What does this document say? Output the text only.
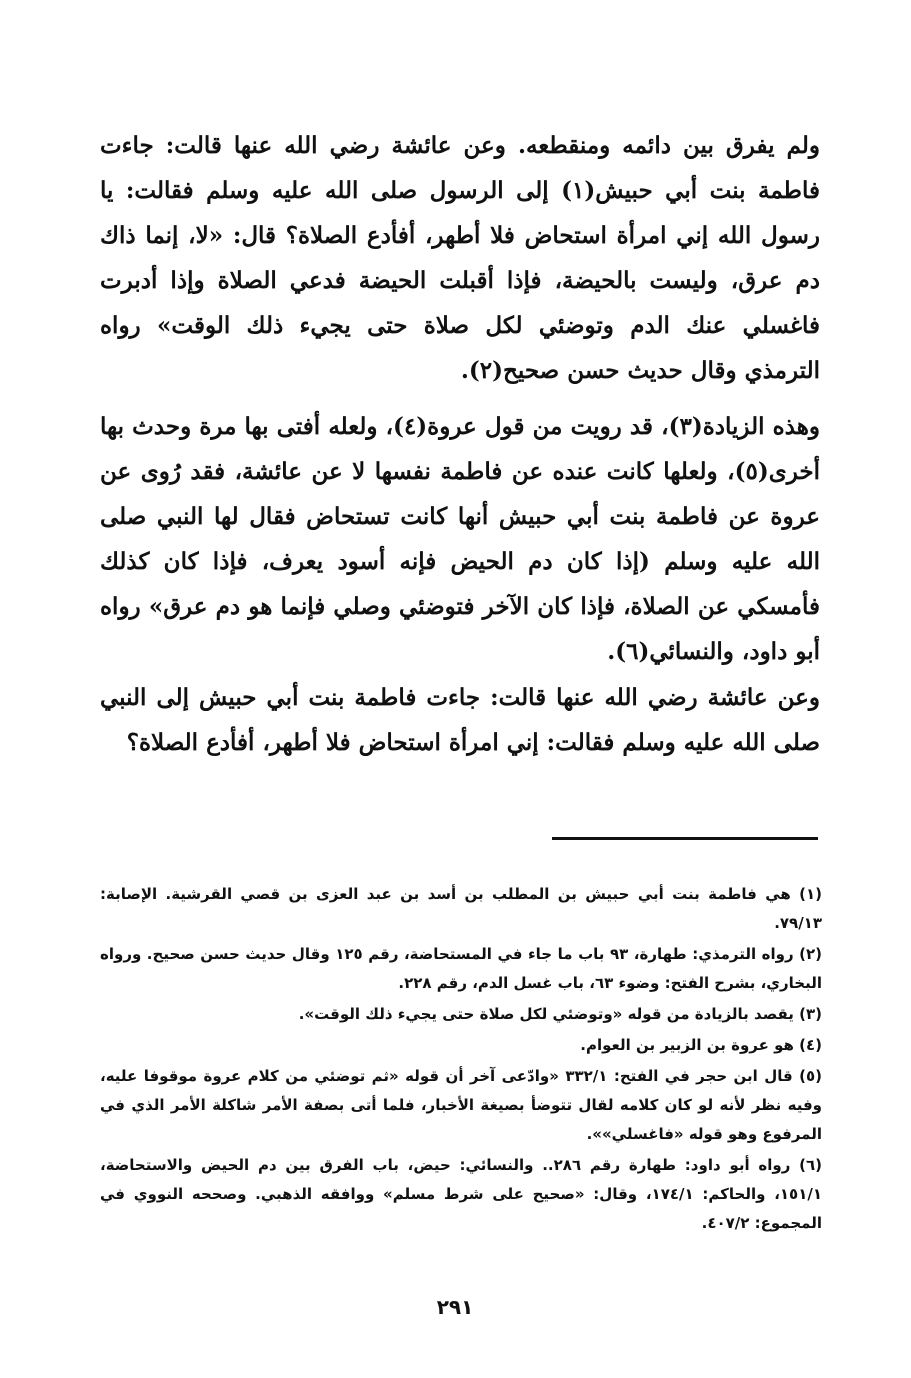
ولم يفرق بين دائمه ومنقطعه. وعن عائشة رضي الله عنها قالت: جاءت فاطمة بنت أبي حبيش(١) إلى الرسول صلى الله عليه وسلم فقالت: يا رسول الله إني امرأة استحاض فلا أطهر، أفأدع الصلاة؟ قال: «لا، إنما ذاك دم عرق، وليست بالحيضة، فإذا أقبلت الحيضة فدعي الصلاة وإذا أدبرت فاغسلي عنك الدم وتوضئي لكل صلاة حتى يجيء ذلك الوقت» رواه الترمذي وقال حديث حسن صحيح(٢).

وهذه الزيادة(٣)، قد رويت من قول عروة(٤)، ولعله أفتى بها مرة وحدث بها أخرى(٥)، ولعلها كانت عنده عن فاطمة نفسها لا عن عائشة، فقد رُوى عن عروة عن فاطمة بنت أبي حبيش أنها كانت تستحاض فقال لها النبي صلى الله عليه وسلم (إذا كان دم الحيض فإنه أسود يعرف، فإذا كان كذلك فأمسكي عن الصلاة، فإذا كان الآخر فتوضئي وصلي فإنما هو دم عرق» رواه أبو داود، والنسائي(٦).

وعن عائشة رضي الله عنها قالت: جاءت فاطمة بنت أبي حبيش إلى النبي صلى الله عليه وسلم فقالت: إني امرأة استحاض فلا أطهر، أفأدع الصلاة؟

(١) هي فاطمة بنت أبي حبيش بن المطلب بن أسد بن عبد العزى بن قصي القرشية. الإصابة: ٧٩/١٣.

(٢) رواه الترمذي: طهارة، ٩٣ باب ما جاء في المستحاضة، رقم ١٢٥ وقال حديث حسن صحيح. ورواه البخاري، بشرح الفتح: وضوء ٦٣، باب غسل الدم، رقم ٢٢٨.

(٣) يقصد بالزيادة من قوله «وتوضئي لكل صلاة حتى يجيء ذلك الوقت».

(٤) هو عروة بن الزبير بن العوام.

(٥) قال ابن حجر في الفتح: ٣٣٢/١ «وادّعى آخر أن قوله «ثم توضئي من كلام عروة موقوفا عليه، وفيه نظر لأنه لو كان كلامه لقال تتوضأ بصيغة الأخبار، فلما أتى بصفة الأمر شاكلة الأمر الذي في المرفوع وهو قوله «فاغسلي»».

(٦) رواه أبو داود: طهارة رقم ٢٨٦.. والنسائي: حيض، باب الفرق بين دم الحيض والاستحاضة، ١٥١/١، والحاكم: ١٧٤/١، وقال: «صحيح على شرط مسلم» ووافقه الذهبي. وصححه النووي في المجموع: ٤٠٧/٢.

٢٩١
